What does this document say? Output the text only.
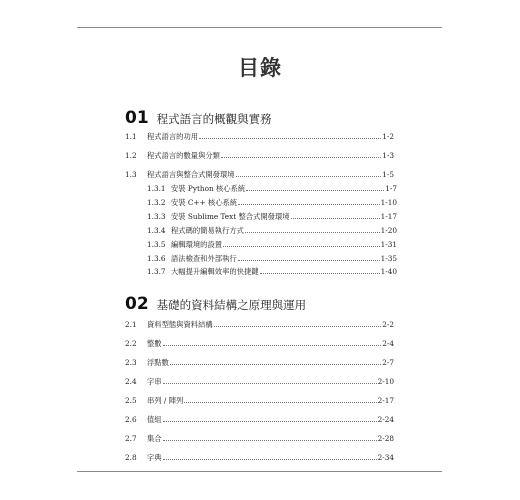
目錄
01 程式語言的概觀與實務
1.1	程式語言的功用	1-2
1.2	程式語言的數量與分類	1-3
1.3	程式語言與整合式開發環境	1-5
1.3.1 安裝 Python 核心系統	1-7
1.3.2 安裝 C++ 核心系統	1-10
1.3.3 安裝 Sublime Text 整合式開發環境	1-17
1.3.4 程式碼的簡易執行方式	1-20
1.3.5 編輯環境的設置	1-31
1.3.6 語法檢查和外部執行	1-35
1.3.7 大幅提升編輯效率的快捷鍵	1-40
02 基礎的資料結構之原理與運用
2.1	資料型態與資料結構	2-2
2.2	整數	2-4
2.3	浮點數	2-7
2.4	字串	2-10
2.5	串列 / 陣列	2-17
2.6	值組	2-24
2.7	集合	2-28
2.8	字典	2-34
